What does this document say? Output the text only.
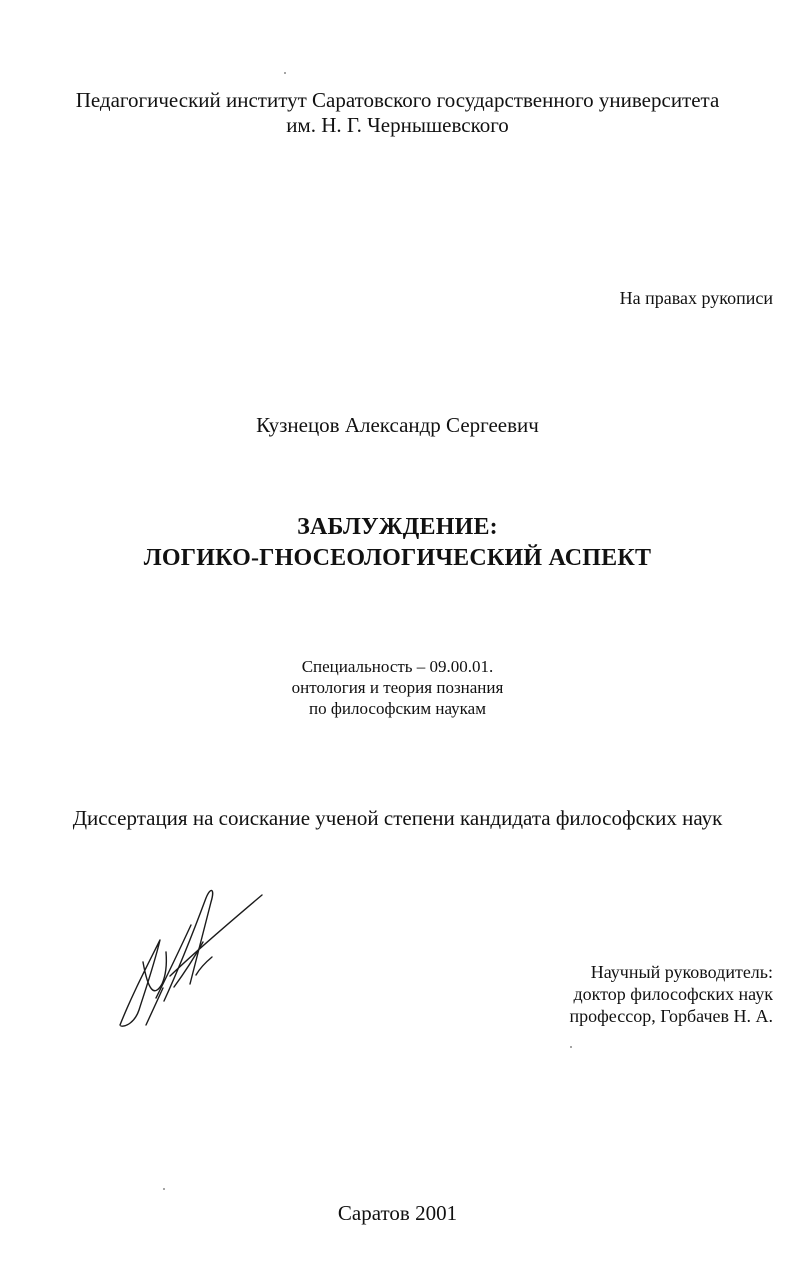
Педагогический институт Саратовского государственного университета
им. Н. Г. Чернышевского
На правах рукописи
Кузнецов Александр Сергеевич
ЗАБЛУЖДЕНИЕ:
ЛОГИКО-ГНОСЕОЛОГИЧЕСКИЙ АСПЕКТ
Специальность – 09.00.01.
онтология и теория познания
по философским наукам
Диссертация на соискание ученой степени кандидата философских наук
Научный руководитель:
доктор философских наук
профессор, Горбачев Н. А.
Саратов 2001
